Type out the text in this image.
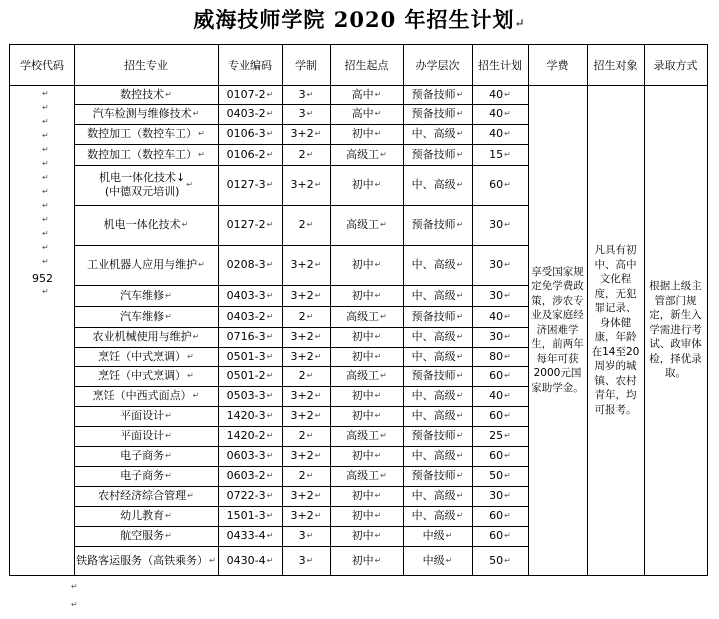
威海技师学院 2020 年招生计划↵
学校代码	招生专业	专业编码	学制	招生起点	办学层次	招生计划	学费	招生对象	录取方式
↵
↵
↵
↵
↵
↵
↵
↵
↵
↵
↵
↵
↵
↵
952
数控技术 ↵	0107-2 ↵ 3 ↵	高中 ↵	预备技师 ↵ 40 ↵
汽车检测与维修技术 ↵ 0403-2 ↵ 3 ↵	高中 ↵	预备技师 ↵ 40 ↵
数控加工（数控车工） ↵ 0106-3 ↵ 3+2 ↵	初中 ↵	中、高级 ↵ 40 ↵
数控加工（数控车工） ↵ 0106-2 ↵ 2 ↵	高级工 ↵ 预备技师 ↵ 15 ↵
机电一体化技术↓
(中德双元培训)
↵	0127-3 ↵ 3+2 ↵	初中 ↵	中、高级 ↵ 60 ↵
机电一体化技术 ↵	0127-2 ↵ 2 ↵	高级工 ↵ 预备技师 ↵ 30 ↵
工业机器人应用与维护 ↵ 0208-3 ↵ 3+2 ↵	初中 ↵	中、高级 ↵ 30 ↵
汽车维修 ↵	0403-3 ↵ 3+2 ↵	初中 ↵	中、高级 ↵ 30 ↵
汽车维修 ↵	0403-2 ↵ 2 ↵	高级工 ↵ 预备技师 ↵ 40 ↵
农业机械使用与维护 ↵ 0716-3 ↵ 3+2 ↵	初中 ↵	中、高级 ↵ 30 ↵
烹饪（中式烹调） ↵	0501-3 ↵ 3+2 ↵	初中 ↵	中、高级 ↵ 80 ↵
烹饪（中式烹调） ↵	0501-2 ↵ 2 ↵	高级工 ↵ 预备技师 ↵ 60 ↵
烹饪（中西式面点） ↵ 0503-3 ↵ 3+2 ↵	初中 ↵	中、高级 ↵ 40 ↵
平面设计 ↵	1420-3 ↵ 3+2 ↵	初中 ↵	中、高级 ↵ 60 ↵
平面设计 ↵	1420-2 ↵ 2 ↵	高级工 ↵ 预备技师 ↵ 25 ↵
电子商务 ↵	0603-3 ↵ 3+2 ↵	初中 ↵	中、高级 ↵ 60 ↵
电子商务 ↵	0603-2 ↵ 2 ↵	高级工 ↵ 预备技师 ↵ 50 ↵
农村经济综合管理 ↵	0722-3 ↵ 3+2 ↵	初中 ↵	中、高级 ↵ 30 ↵
幼儿教育 ↵	1501-3 ↵ 3+2 ↵	初中 ↵	中、高级 ↵ 60 ↵
航空服务 ↵	0433-4 ↵ 3 ↵	初中 ↵	中级 ↵	60 ↵
铁路客运服务（高铁乘务） ↵ 0430-4 ↵ 3 ↵	初中 ↵	中级 ↵	50 ↵
享受国家规定免学费政策，涉农专业及家庭经济困难学生，前两年每年可获2000元国家助学金。
凡具有初中、高中文化程度，无犯罪记录、身体健康，年龄在14至20周岁的城镇、农村青年，均可报考。
根据上级主管部门规定，新生入学需进行考试、政审体检，择优录取。
↵
↵
